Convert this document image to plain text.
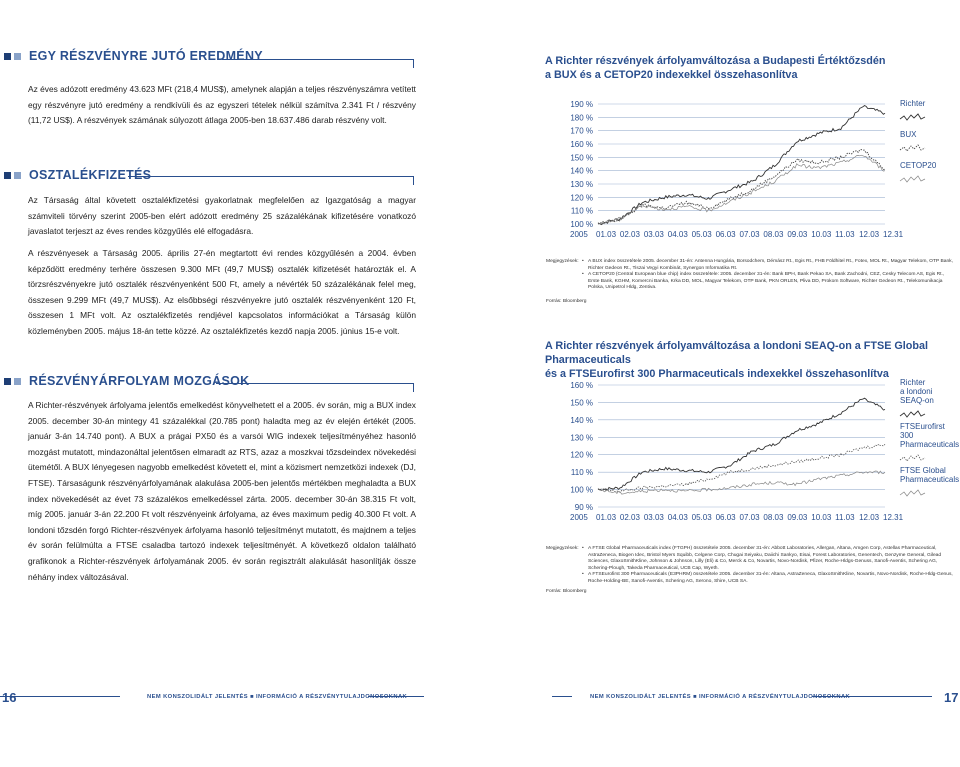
EGY RÉSZVÉNYRE JUTÓ EREDMÉNY

Az éves adózott eredmény 43.623 MFt (218,4 MUS$), amelynek alapján a teljes részvényszámra vetített egy részvényre jutó eredmény a rendkívüli és az egyszeri tételek nélkül számítva 2.341 Ft / részvény (11,72 US$). A részvények számának súlyozott átlaga 2005-ben 18.637.486 darab részvény volt.

OSZTALÉKFIZETÉS

Az Társaság által követett osztalékfizetési gyakorlatnak megfelelően az Igazgatóság a magyar számviteli törvény szerint 2005-ben elért adózott eredmény 25 százalékának kifizetésére vonatkozó javaslatot terjeszt az éves rendes közgyűlés elé elfogadásra.

A részvényesek a Társaság 2005. április 27-én megtartott évi rendes közgyűlésén a 2004. évben képződött eredmény terhére összesen 9.300 MFt (49,7 MUS$) osztalék kifizetését határozták el. A törzsrészvényekre jutó osztalék részvényenként 500 Ft, amely a névérték 50 százalékának felel meg, összesen 9.299 MFt (49,7 MUS$). Az elsőbbségi részvényekre jutó osztalék részvényenként 120 Ft, összesen 1 MFt volt. Az osztalékfizetés rendjével kapcsolatos információkat a Társaság külön közleményben 2005. május 18-án tette közzé. Az osztalékfizetés kezdő napja 2005. június 15-e volt.

RÉSZVÉNYÁRFOLYAM MOZGÁSOK

A Richter-részvények árfolyama jelentős emelkedést könyvelhetett el a 2005. év során, mig a BUX index 2005. december 30-án mintegy 41 százalékkal (20.785 pont) haladta meg az év elején értékét (2005. január 3-án 14.740 pont). A BUX a prágai PX50 és a varsói WIG indexek teljesítményéhez hasonló mozgást mutatott, mindazonáltal jelentősen elmaradt az RTS, azaz a moszkvai tőzsdeindex növekedési ütemétől. A BUX lényegesen nagyobb emelkedést követett el, mint a közismert nemzetközi indexek (DJ, FTSE). Társaságunk részvényárfolyamának alakulása 2005-ben jelentős mértékben meghaladta a BUX index növekedését az évet 73 százalékos emelkedéssel zárta. 2005. december 30-án 38.315 Ft volt, míg 2005. január 3-án 22.200 Ft volt részvényeink árfolyama, az éves maximum pedig 40.300 Ft volt. A londoni tőzsdén forgó Richter-részvények árfolyama hasonló teljesítményt mutatott, és majdnem a teljes év során felülmúlta a FTSE csaladba tartozó indexek teljesítményét. A következő oldalon található grafikonok a Richter-részvények árfolyamának 2005. év során regisztrált alakulását hasonlítják össze néhány index változásával.

A Richter részvények árfolyamváltozása a Budapesti Értéktőzsdén
a BUX és a CETOP20 indexekkel összehasonlítva
190 %
180 %
170 %
160 %
150 %
140 %
130 %
120 %
110 %
100 %
2005 01.03 02.03 03.03 04.03 05.03 06.03 07.03 08.03 09.03 10.03 11.03 12.03 12.31
Richter
BUX
CETOP20
Megjegyzések:	• A BUX index összetétele 2005. december 31-én: Antenna Hungária, Borsodchem, Démász Rt., Egis Rt., FHB Földhitel Rt., Fotex, MOL Rt., Magyar Telekom, OTP Bank, Richter Gedeon Rt., Tiszai Vegyi Kombinát, Synergon Informatika Rt.
• A CETOP20 (Central European blue chip) index összetétele: 2005. december 31-én: Bank BPH, Bank Pekao SA, Bank Zachodni, CEZ, Cesky Telecom AS, Egis Rt., Erste Bank, KGHM, Komercni Banka, Krka DD, MOL, Magyar Telekom, OTP Bank, PKN ORLEN, Pliva DD, Prokom Software, Richter Gedeon Rt., Telekomunikacja Polska, Unipetrol Hldg, Zentiva.
Forrás: Bloomberg
A Richter részvények árfolyamváltozása a londoni SEAQ-on a FTSE Global Pharmaceuticals
és a FTSEurofirst 300 Pharmaceuticals indexekkel összehasonlítva
160 %
150 %
140 %
130 %
120 %
110 %
100 %
90 %
2005 01.03 02.03 03.03 04.03 05.03 06.03 07.03 08.03 09.03 10.03 11.03 12.03 12.31
Richter
a londoni
SEAQ-on
FTSEurofirst
300
Pharmaceuticals
FTSE Global
Pharmaceuticals
Megjegyzések:	• A FTSE Global Pharmaceuticals index (FTGPH) összetétele 2005. december 31-én: Abbott Laboratories, Allergan, Altana, Amgen Corp, Astellas Pharmaceutical, AstraZeneca, Biogen Idec, Bristol Myers Squibb, Celgene Corp, Chugai Seiyaku, Daiichi Sankyo, Eisai, Forest Laboratories, Genentech, Genzyme General, Gilead Sciences, GlaxoSmithKline, Johnson & Johnson, Lilly (Eli) & Co, Merck & Co, Novartis, Novo-Nordisk, Pfizer, Roche-Hldgs-Genuss, Sanofi-Aventis, Schering AG, Schering-Plough, Takeda Pharmaceutical, UCB Cap, Wyeth.
• A FTSEurofirst 300 Pharmaceuticals (E3PHRM) összetétele 2005. december 31-én: Altana, AstraZeneca, GlaxoSmithKline, Novartis, Novo-Nordisk, Roche-Hldg-Genus, Roche-Holding-BE, Sanofi-Aventis, Schering AG, Serono, Shire, UCB SA.
Forrás: Bloomberg
16	NEM KONSZOLIDÁLT JELENTÉS ■ INFORMÁCIÓ A RÉSZVÉNYTULAJDONOSOKNAK	NEM KONSZOLIDÁLT JELENTÉS ■ INFORMÁCIÓ A RÉSZVÉNYTULAJDONOSOKNAK	17
